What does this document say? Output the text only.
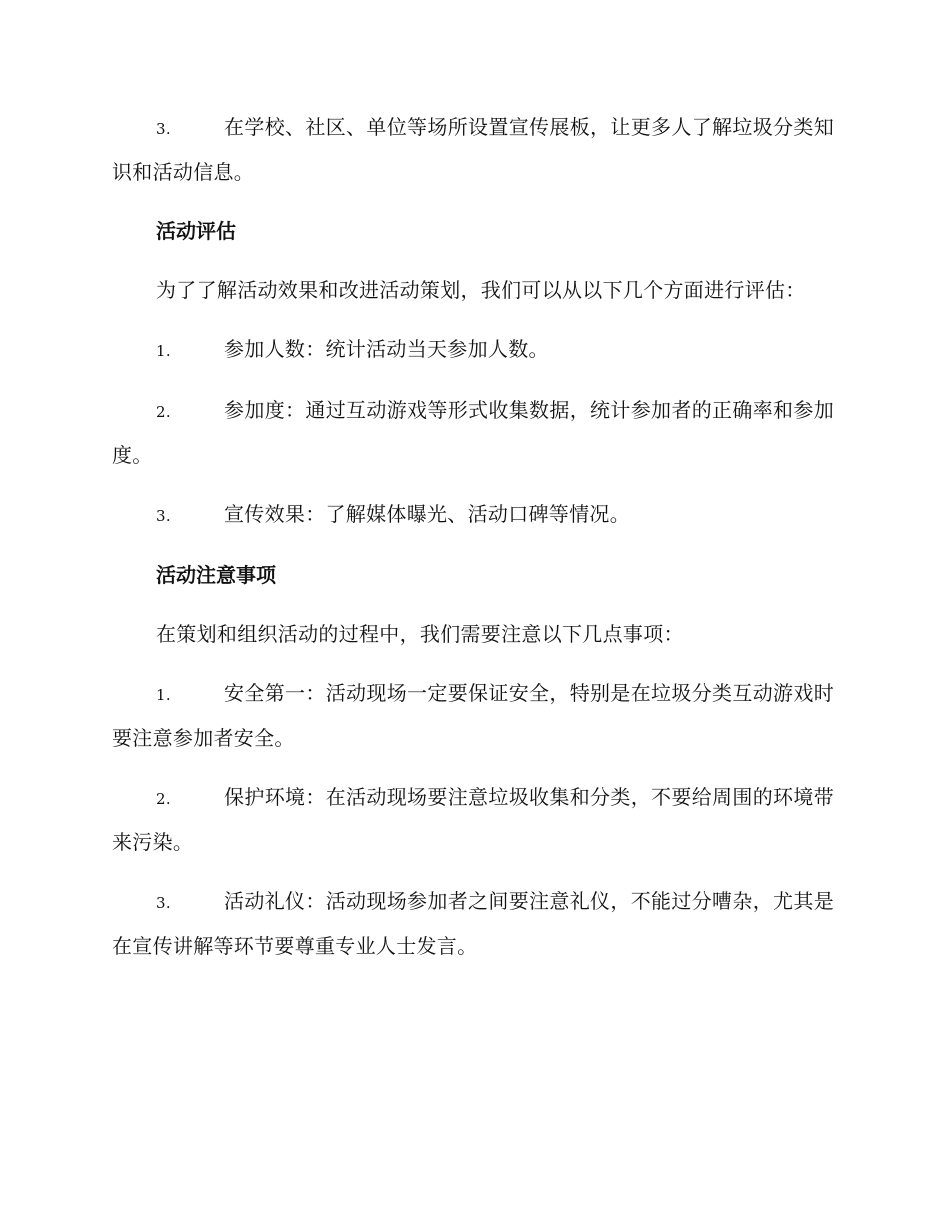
3.	在学校、社区、单位等场所设置宣传展板，让更多人了解垃圾分类知识和活动信息。

活动评估

为了了解活动效果和改进活动策划，我们可以从以下几个方面进行评估：

1.	参加人数：统计活动当天参加人数。

2.	参加度：通过互动游戏等形式收集数据，统计参加者的正确率和参加度。

3.	宣传效果：了解媒体曝光、活动口碑等情况。

活动注意事项

在策划和组织活动的过程中，我们需要注意以下几点事项：

1.	安全第一：活动现场一定要保证安全，特别是在垃圾分类互动游戏时要注意参加者安全。

2.	保护环境：在活动现场要注意垃圾收集和分类，不要给周围的环境带来污染。

3.	活动礼仪：活动现场参加者之间要注意礼仪，不能过分嘈杂，尤其是在宣传讲解等环节要尊重专业人士发言。
